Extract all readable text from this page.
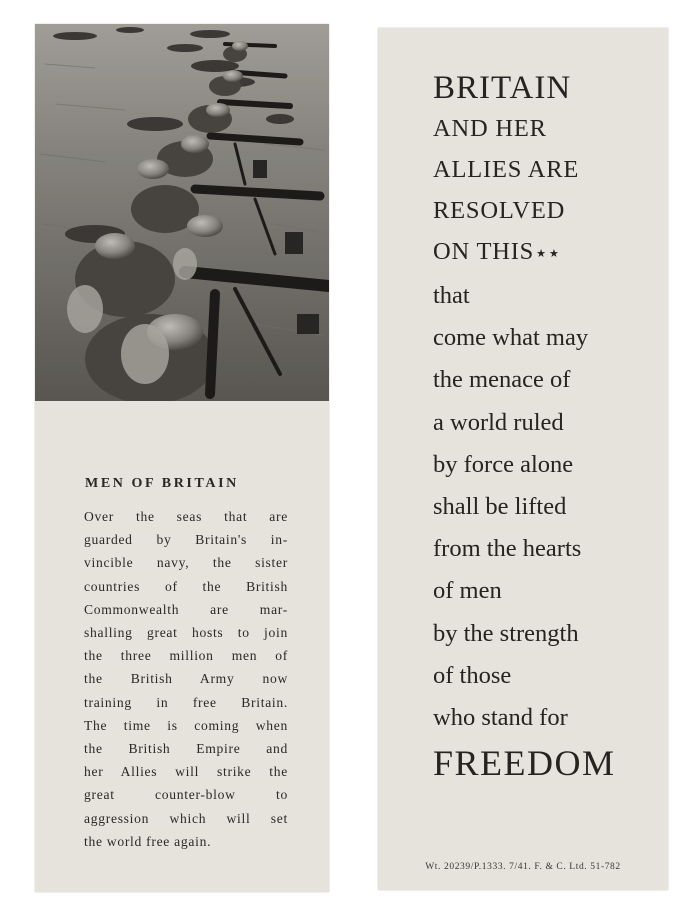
MEN OF BRITAIN

Over the seas that are
guarded by Britain's in-
vincible navy, the sister
countries of the British
Commonwealth are mar-
shalling great hosts to join
the three million men of
the British Army now
training in free Britain.
The time is coming when
the British Empire and
her Allies will strike the
great counter-blow to
aggression which will set
the world free again.

BRITAIN
AND HER
ALLIES ARE
RESOLVED
ON THIS ★★
that
come what may
the menace of
a world ruled
by force alone
shall be lifted
from the hearts
of men
by the strength
of those
who stand for
FREEDOM
Wt. 20239/P.1333. 7/41. F. & C. Ltd. 51-782
